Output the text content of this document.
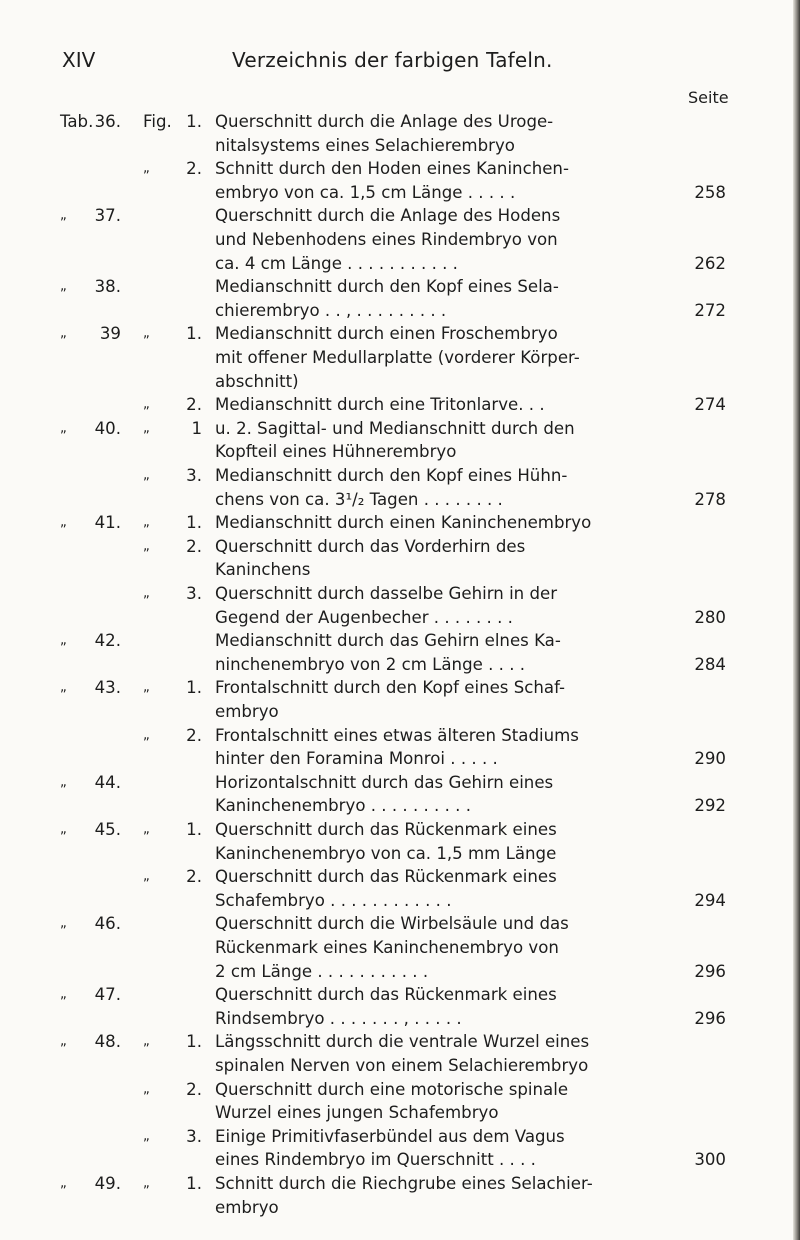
XIV	Verzeichnis der farbigen Tafeln.
Seite
Tab. 36. Fig. 1. Querschnitt durch die Anlage des Uroge-
nitalsystems eines Selachierembryo
„	2. Schnitt durch den Hoden eines Kaninchen-
embryo von ca. 1,5 cm Länge . . . . .	258
„ 37.	Querschnitt durch die Anlage des Hodens
und Nebenhodens eines Rindembryo von
ca. 4 cm Länge . . . . . . . . . . .	262
„ 38.	Medianschnitt durch den Kopf eines Sela-
chierembryo . . , . . . . . . . . .	272
„	39 „	1. Medianschnitt durch einen Froschembryo
mit offener Medullarplatte (vorderer Körper-
abschnitt)
„	2. Medianschnitt durch eine Tritonlarve. . .	274
„ 40. „	1 u. 2. Sagittal- und Medianschnitt durch den
Kopfteil eines Hühnerembryo
„	3. Medianschnitt durch den Kopf eines Hühn-
chens von ca. 3¹/₂ Tagen . . . . . . . .	278
„ 41. „	1. Medianschnitt durch einen Kaninchenembryo
„	2. Querschnitt durch das Vorderhirn des
Kaninchens
„	3. Querschnitt durch dasselbe Gehirn in der
Gegend der Augenbecher . . . . . . . .	280
„ 42.	Medianschnitt durch das Gehirn elnes Ka-
ninchenembryo von 2 cm Länge . . . .	284
„ 43. „	1. Frontalschnitt durch den Kopf eines Schaf-
embryo
„	2. Frontalschnitt eines etwas älteren Stadiums
hinter den Foramina Monroi . . . . .	290
„ 44.	Horizontalschnitt durch das Gehirn eines
Kaninchenembryo . . . . . . . . . .	292
„ 45. „	1. Querschnitt durch das Rückenmark eines
Kaninchenembryo von ca. 1,5 mm Länge
„	2. Querschnitt durch das Rückenmark eines
Schafembryo . . . . . . . . . . . .	294
„ 46.	Querschnitt durch die Wirbelsäule und das
Rückenmark eines Kaninchenembryo von
2 cm Länge . . . . . . . . . . .	296
„ 47.	Querschnitt durch das Rückenmark eines
Rindsembryo . . . . . . . , . . . . .	296
„ 48. „	1. Längsschnitt durch die ventrale Wurzel eines
spinalen Nerven von einem Selachierembryo
„	2. Querschnitt durch eine motorische spinale
Wurzel eines jungen Schafembryo
„	3. Einige Primitivfaserbündel aus dem Vagus
eines Rindembryo im Querschnitt . . . .	300
„ 49. „	1. Schnitt durch die Riechgrube eines Selachier-
embryo
